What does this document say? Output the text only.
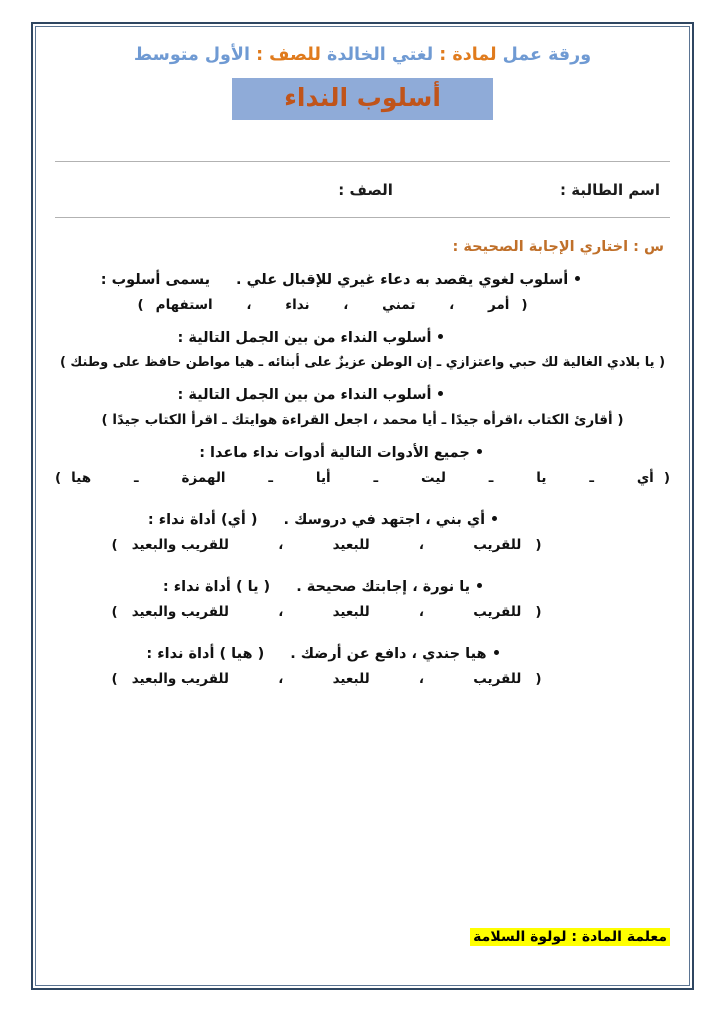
ورقة عمل لمادة : لغتي الخالدة للصف : الأول متوسط
أسلوب النداء
اسم الطالبة :
الصف :
س : اختاري الإجابة الصحيحة :
أسلوب لغوي يقصد به دعاء غيري للإقبال علي .
يسمى أسلوب :
(
أمر
،
تمني
،
نداء
،
استفهام
)
أسلوب النداء من بين الجمل التالية :
( يا بلادي الغالية لك حبي واعتزازي ـ إن الوطن عزيزٌ على أبنائه ـ هيا مواطن حافظ على وطنك )
أسلوب النداء من بين الجمل التالية :
( أقارئ الكتاب ،اقرأه جيدًا ـ أيا محمد ، اجعل القراءة هوايتك ـ اقرأ الكتاب جيدًا )
جميع الأدوات التالية أدوات نداء ماعدا :
(
أي
ـ
يا
ـ
ليت
ـ
أيا
ـ
الهمزة
ـ
هيا
)
أي بني ، اجتهد في دروسك .
( أي) أداة نداء :
(
للقريب
،
للبعيد
،
للقريب والبعيد
)
يا نورة ، إجابتك صحيحة .
( يا ) أداة نداء :
(
للقريب
،
للبعيد
،
للقريب والبعيد
)
هيا جندي ، دافع عن أرضك .
( هيا ) أداة نداء :
(
للقريب
،
للبعيد
،
للقريب والبعيد
)
معلمة المادة : لولوة السلامة
